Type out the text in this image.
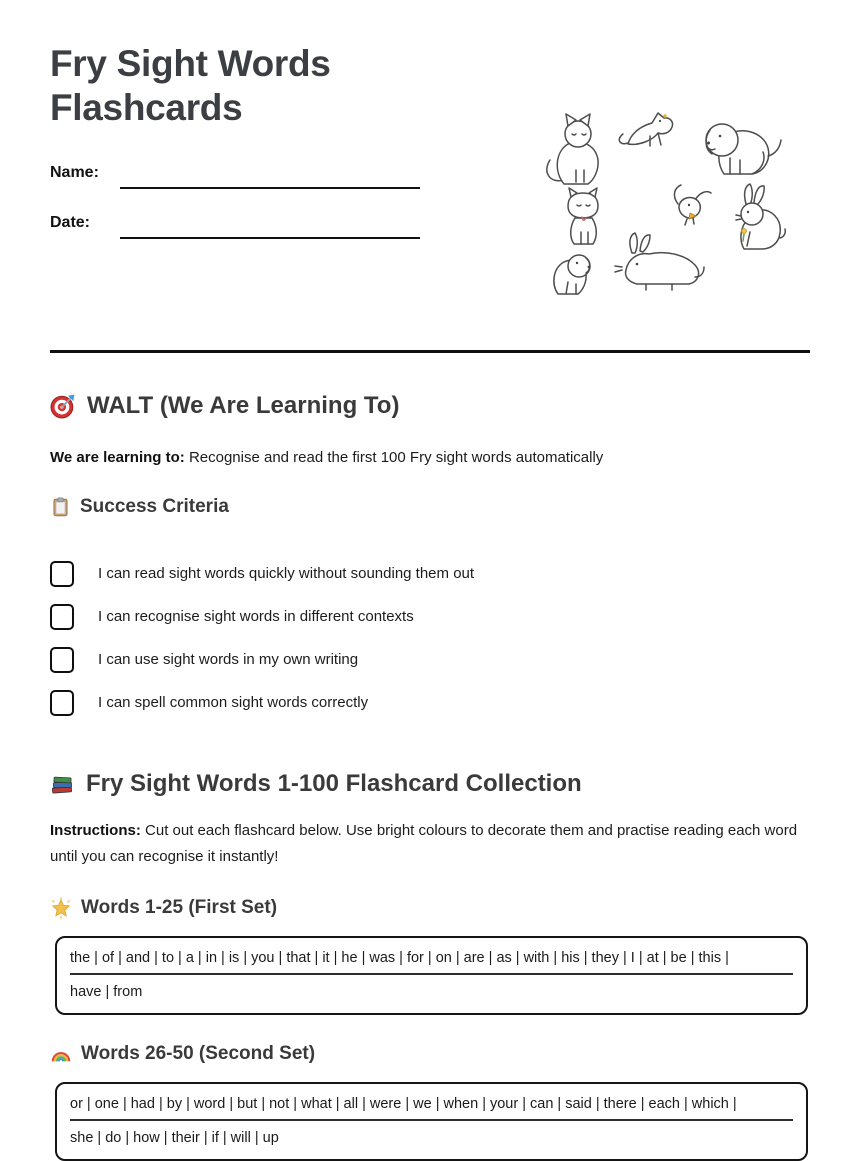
Fry Sight Words Flashcards
Name:
Date:
WALT (We Are Learning To)

We are learning to: Recognise and read the first 100 Fry sight words automatically

Success Criteria
I can read sight words quickly without sounding them out
I can recognise sight words in different contexts
I can use sight words in my own writing
I can spell common sight words correctly
Fry Sight Words 1-100 Flashcard Collection

Instructions: Cut out each flashcard below. Use bright colours to decorate them and practise reading each word until you can recognise it instantly!

Words 1-25 (First Set)
the | of | and | to | a | in | is | you | that | it | he | was | for | on | are | as | with | his | they | I | at | be | this |
have | from
Words 26-50 (Second Set)
or | one | had | by | word | but | not | what | all | were | we | when | your | can | said | there | each | which |
she | do | how | their | if | will | up
